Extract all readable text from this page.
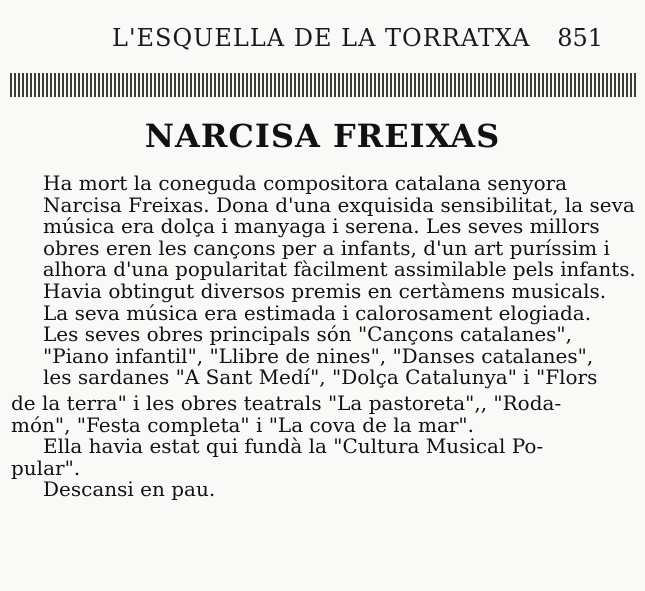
L'ESQUELLA DE LA TORRATXA 851
NARCISA FREIXAS

Ha mort la coneguda compositora catalana senyora
Narcisa Freixas. Dona d'una exquisida sensibilitat, la seva
música era dolça i manyaga i serena. Les seves millors
obres eren les cançons per a infants, d'un art puríssim i
alhora d'una popularitat fàcilment assimilable pels infants.
Havia obtingut diversos premis en certàmens musicals.
La seva música era estimada i calorosament elogiada.

Les seves obres principals són "Cançons catalanes",
"Piano infantil", "Llibre de nines", "Danses catalanes",
les sardanes "A Sant Medí", "Dolça Catalunya" i "Flors

de la terra" i les obres teatrals "La pastoreta",, "Roda-
món", "Festa completa" i "La cova de la mar".

Ella havia estat qui fundà la "Cultura Musical Po-
pular".

Descansi en pau.
